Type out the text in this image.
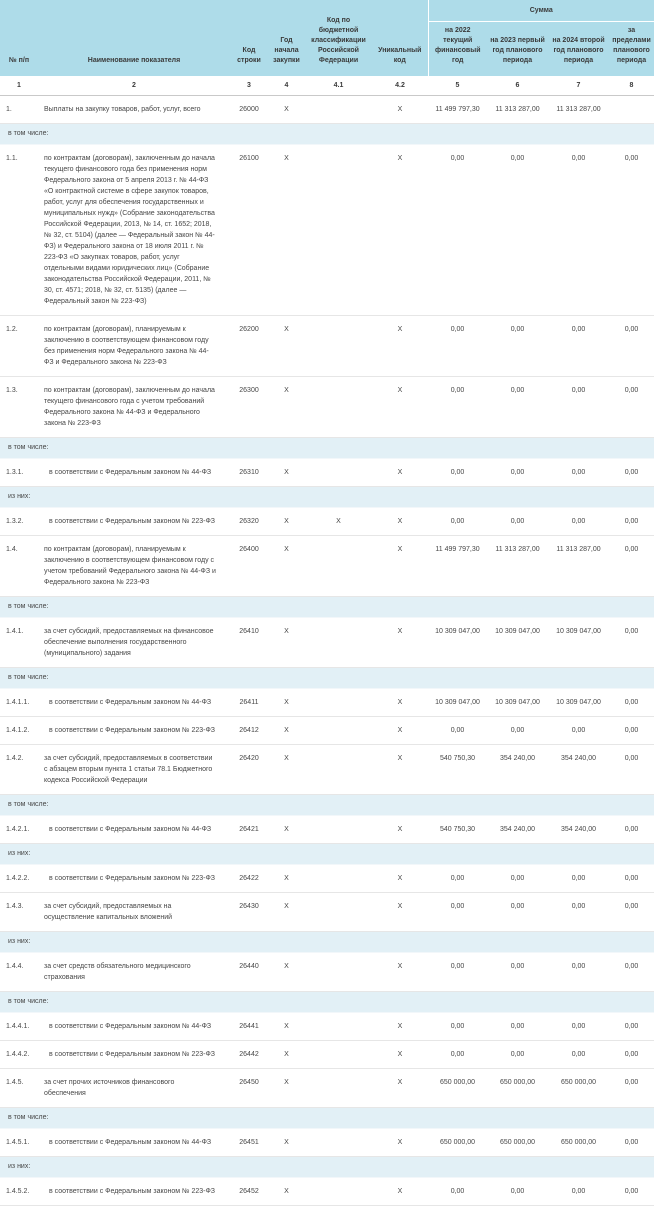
№ п/п	Наименование показателя	Код строки	Год начала закупки	Код по бюджетной классификации Российской Федерации	Уникальный код	Сумма			
						на 2022 текущий финансовый год	на 2023 первый год планового периода	на 2024 второй год планового периода	за пределами планового периода
1	2	3	4	4.1	4.2	5	6	7	8
1.	Выплаты на закупку товаров, работ, услуг, всего	26000	X		X	11 499 797,30	11 313 287,00	11 313 287,00	
в том числе:									
1.1.	по контрактам (договорам), заключенным до начала текущего финансового года без применения норм Федерального закона от 5 апреля 2013 г. № 44-ФЗ «О контрактной системе в сфере закупок товаров, работ, услуг для обеспечения государственных и муниципальных нужд» (Собрание законодательства Российской Федерации, 2013, № 14, ст. 1652; 2018, № 32, ст. 5104) (далее — Федеральный закон № 44-ФЗ) и Федерального закона от 18 июля 2011 г. № 223-ФЗ «О закупках товаров, работ, услуг отдельными видами юридических лиц» (Собрание законодательства Российской Федерации, 2011, № 30, ст. 4571; 2018, № 32, ст. 5135) (далее — Федеральный закон № 223-ФЗ)	26100	X		X	0,00	0,00	0,00	0,00
1.2.	по контрактам (договорам), планируемым к заключению в соответствующем финансовом году без применения норм Федерального закона № 44-ФЗ и Федерального закона № 223-ФЗ	26200	X		X	0,00	0,00	0,00	0,00
1.3.	по контрактам (договорам), заключенным до начала текущего финансового года с учетом требований Федерального закона № 44-ФЗ и Федерального закона № 223-ФЗ	26300	X		X	0,00	0,00	0,00	0,00
в том числе:									
1.3.1.	в соответствии с Федеральным законом № 44-ФЗ	26310	X		X	0,00	0,00	0,00	0,00
из них:									
1.3.2.	в соответствии с Федеральным законом № 223-ФЗ	26320	X	X	X	0,00	0,00	0,00	0,00
1.4.	по контрактам (договорам), планируемым к заключению в соответствующем финансовом году с учетом требований Федерального закона № 44-ФЗ и Федерального закона № 223-ФЗ	26400	X		X	11 499 797,30	11 313 287,00	11 313 287,00	0,00
в том числе:									
1.4.1.	за счет субсидий, предоставляемых на финансовое обеспечение выполнения государственного (муниципального) задания	26410	X		X	10 309 047,00	10 309 047,00	10 309 047,00	0,00
в том числе:									
1.4.1.1.	в соответствии с Федеральным законом № 44-ФЗ	26411	X		X	10 309 047,00	10 309 047,00	10 309 047,00	0,00
1.4.1.2.	в соответствии с Федеральным законом № 223-ФЗ	26412	X		X	0,00	0,00	0,00	0,00
1.4.2.	за счет субсидий, предоставляемых в соответствии с абзацем вторым пункта 1 статьи 78.1 Бюджетного кодекса Российской Федерации	26420	X		X	540 750,30	354 240,00	354 240,00	0,00
в том числе:									
1.4.2.1.	в соответствии с Федеральным законом № 44-ФЗ	26421	X		X	540 750,30	354 240,00	354 240,00	0,00
из них:									
1.4.2.2.	в соответствии с Федеральным законом № 223-ФЗ	26422	X		X	0,00	0,00	0,00	0,00
1.4.3.	за счет субсидий, предоставляемых на осуществление капитальных вложений	26430	X		X	0,00	0,00	0,00	0,00
из них:									
1.4.4.	за счет средств обязательного медицинского страхования	26440	X		X	0,00	0,00	0,00	0,00
в том числе:									
1.4.4.1.	в соответствии с Федеральным законом № 44-ФЗ	26441	X		X	0,00	0,00	0,00	0,00
1.4.4.2.	в соответствии с Федеральным законом № 223-ФЗ	26442	X		X	0,00	0,00	0,00	0,00
1.4.5.	за счет прочих источников финансового обеспечения	26450	X		X	650 000,00	650 000,00	650 000,00	0,00
в том числе:									
1.4.5.1.	в соответствии с Федеральным законом № 44-ФЗ	26451	X		X	650 000,00	650 000,00	650 000,00	0,00
из них:									
1.4.5.2.	в соответствии с Федеральным законом № 223-ФЗ	26452	X		X	0,00	0,00	0,00	0,00
